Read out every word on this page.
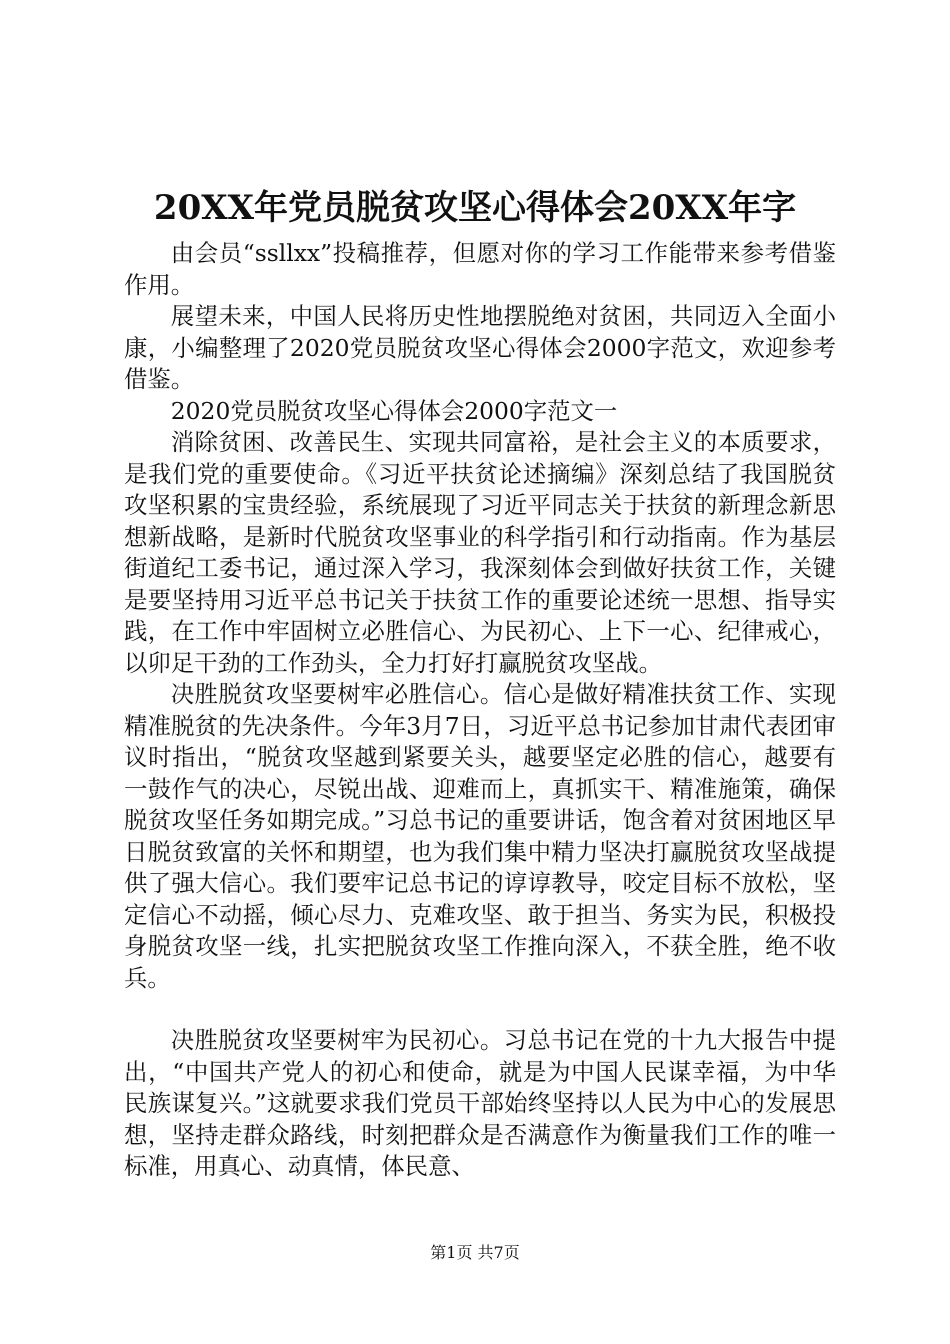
20XX年党员脱贫攻坚心得体会20XX年字

由会员“ssllxx”投稿推荐，但愿对你的学习工作能带来参考借鉴作用。

展望未来，中国人民将历史性地摆脱绝对贫困，共同迈入全面小康，小编整理了2020党员脱贫攻坚心得体会2000字范文，欢迎参考借鉴。

2020党员脱贫攻坚心得体会2000字范文一

消除贫困、改善民生、实现共同富裕，是社会主义的本质要求，是我们党的重要使命。《习近平扶贫论述摘编》深刻总结了我国脱贫攻坚积累的宝贵经验，系统展现了习近平同志关于扶贫的新理念新思想新战略，是新时代脱贫攻坚事业的科学指引和行动指南。作为基层街道纪工委书记，通过深入学习，我深刻体会到做好扶贫工作，关键是要坚持用习近平总书记关于扶贫工作的重要论述统一思想、指导实践，在工作中牢固树立必胜信心、为民初心、上下一心、纪律戒心，以卯足干劲的工作劲头，全力打好打赢脱贫攻坚战。

决胜脱贫攻坚要树牢必胜信心。信心是做好精准扶贫工作、实现精准脱贫的先决条件。今年3月7日，习近平总书记参加甘肃代表团审议时指出，“脱贫攻坚越到紧要关头，越要坚定必胜的信心，越要有一鼓作气的决心，尽锐出战、迎难而上，真抓实干、精准施策，确保脱贫攻坚任务如期完成。”习总书记的重要讲话，饱含着对贫困地区早日脱贫致富的关怀和期望，也为我们集中精力坚决打赢脱贫攻坚战提供了强大信心。我们要牢记总书记的谆谆教导，咬定目标不放松，坚定信心不动摇，倾心尽力、克难攻坚、敢于担当、务实为民，积极投身脱贫攻坚一线，扎实把脱贫攻坚工作推向深入，不获全胜，绝不收兵。

决胜脱贫攻坚要树牢为民初心。习总书记在党的十九大报告中提出，“中国共产党人的初心和使命，就是为中国人民谋幸福，为中华民族谋复兴。”这就要求我们党员干部始终坚持以人民为中心的发展思想，坚持走群众路线，时刻把群众是否满意作为衡量我们工作的唯一标准，用真心、动真情，体民意、

第1页 共7页
